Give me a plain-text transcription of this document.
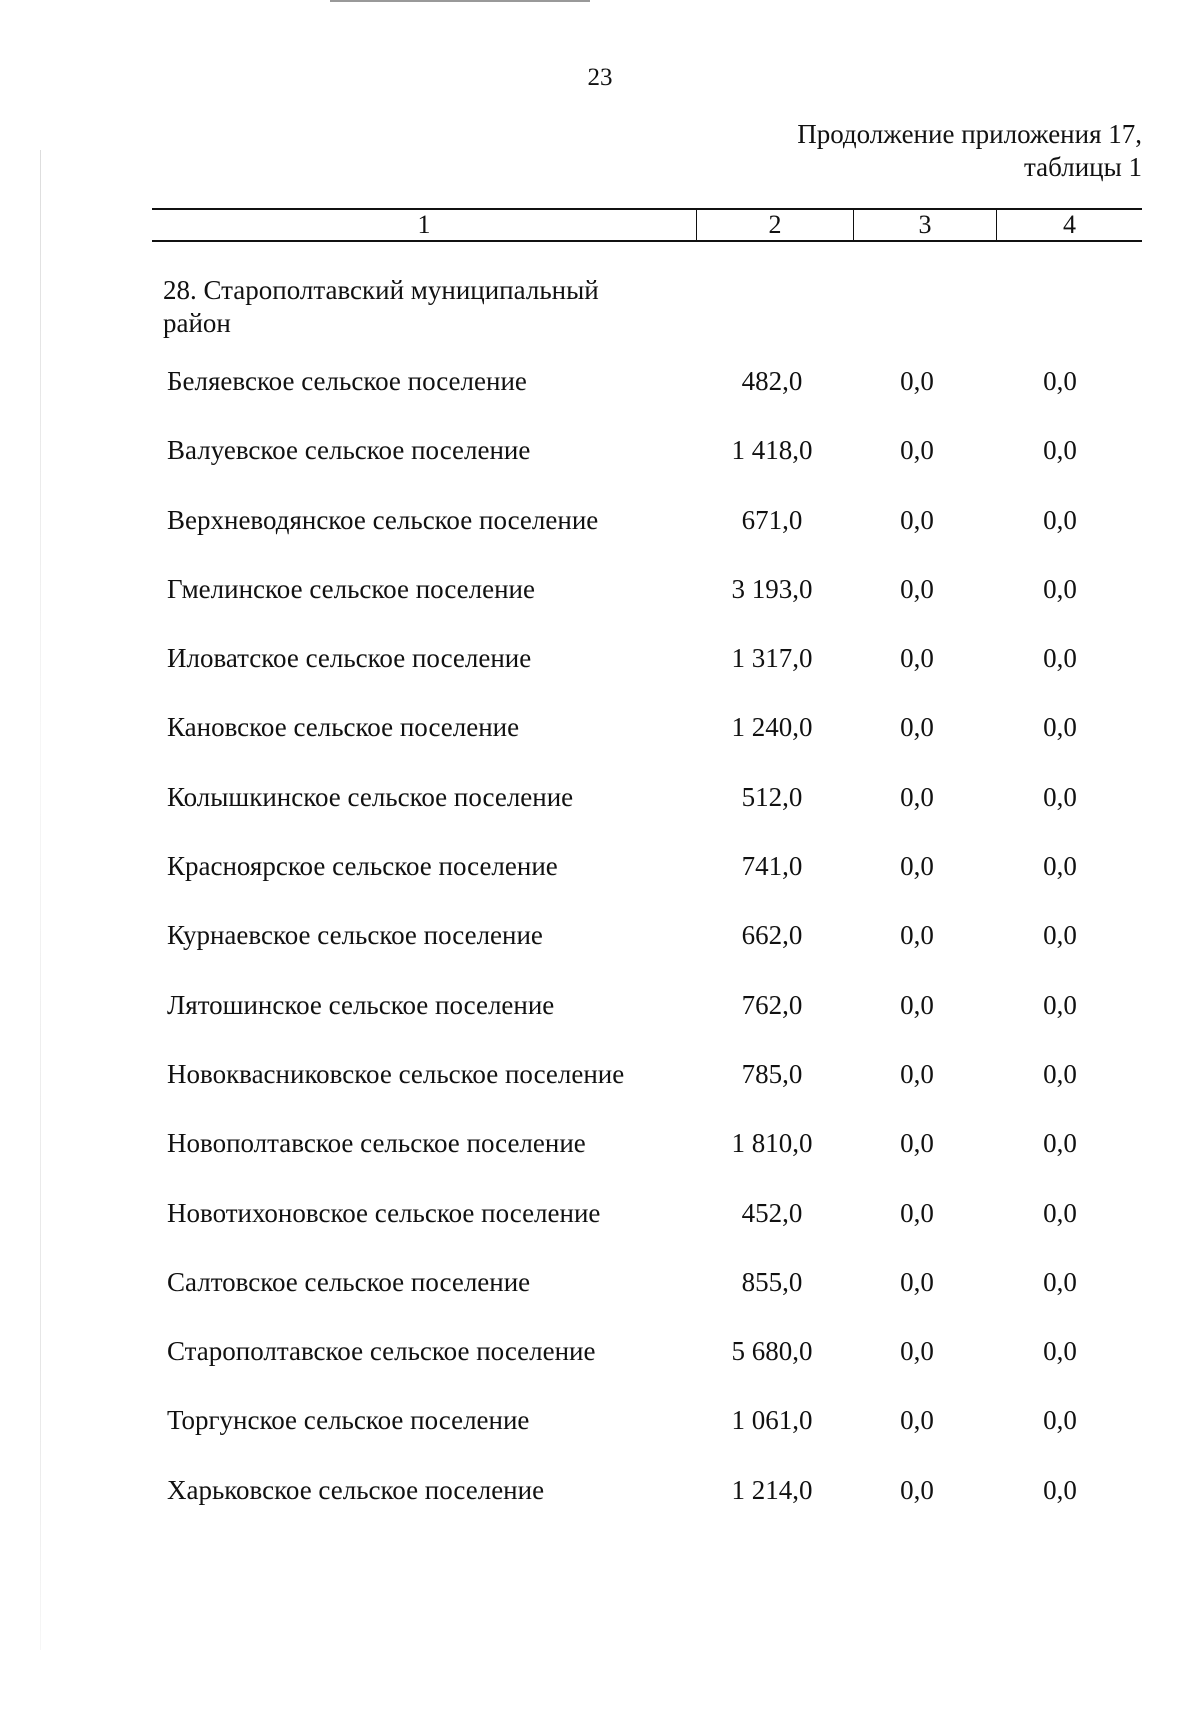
23
Продолжение приложения 17,
таблицы 1
1	2	3	4
28. Старополтавский муниципальный
район
Беляевское сельское поселение	482,0	0,0	0,0
Валуевское сельское поселение	1 418,0	0,0	0,0
Верхневодянское сельское поселение	671,0	0,0	0,0
Гмелинское сельское поселение	3 193,0	0,0	0,0
Иловатское сельское поселение	1 317,0	0,0	0,0
Кановское сельское поселение	1 240,0	0,0	0,0
Колышкинское сельское поселение	512,0	0,0	0,0
Красноярское сельское поселение	741,0	0,0	0,0
Курнаевское сельское поселение	662,0	0,0	0,0
Лятошинское сельское поселение	762,0	0,0	0,0
Новоквасниковское сельское поселение	785,0	0,0	0,0
Новополтавское сельское поселение	1 810,0	0,0	0,0
Новотихоновское сельское поселение	452,0	0,0	0,0
Салтовское сельское поселение	855,0	0,0	0,0
Старополтавское сельское поселение	5 680,0	0,0	0,0
Торгунское сельское поселение	1 061,0	0,0	0,0
Харьковское сельское поселение	1 214,0	0,0	0,0
